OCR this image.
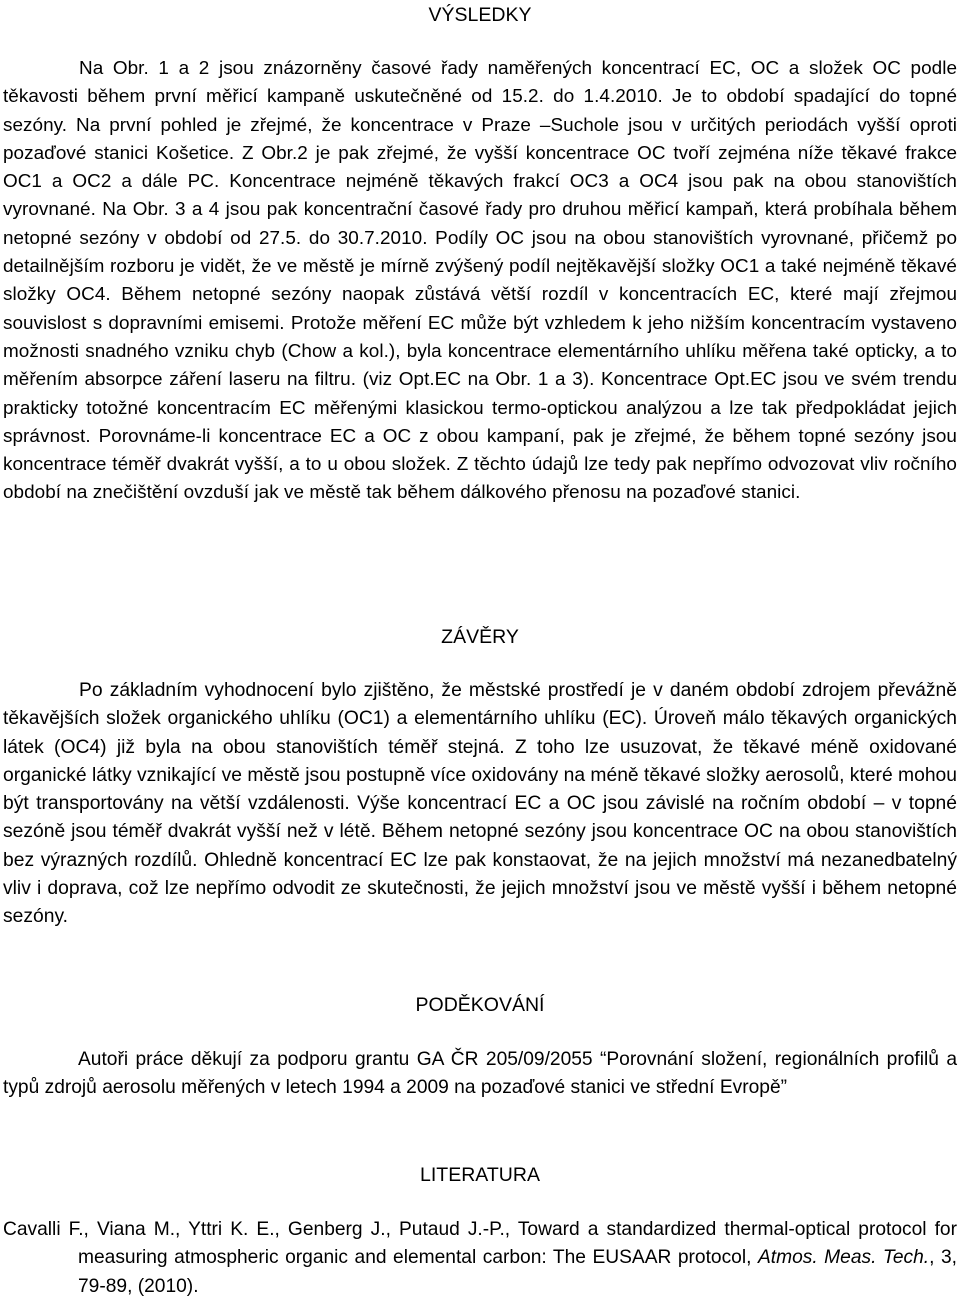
VÝSLEDKY

Na Obr. 1 a 2 jsou znázorněny časové řady naměřených koncentrací EC, OC a složek OC podle těkavosti během první měřicí kampaně uskutečněné od 15.2. do 1.4.2010. Je to období spadající do topné sezóny. Na první pohled je zřejmé, že koncentrace v Praze –Suchole jsou v určitých periodách vyšší oproti pozaďové stanici Košetice. Z Obr.2 je pak zřejmé, že vyšší koncentrace OC tvoří zejména níže těkavé frakce OC1 a OC2 a dále PC. Koncentrace nejméně těkavých frakcí OC3 a OC4 jsou pak na obou stanovištích vyrovnané. Na Obr. 3 a 4 jsou pak koncentrační časové řady pro druhou měřicí kampaň, která probíhala během netopné sezóny v období od 27.5. do 30.7.2010. Podíly OC jsou na obou stanovištích vyrovnané, přičemž po detailnějším rozboru je vidět, že ve městě je mírně zvýšený podíl nejtěkavější složky OC1 a také nejméně těkavé složky OC4. Během netopné sezóny naopak zůstává větší rozdíl v koncentracích EC, které mají zřejmou souvislost s dopravními emisemi. Protože měření EC může být vzhledem k jeho nižším koncentracím vystaveno možnosti snadného vzniku chyb (Chow a kol.), byla koncentrace elementárního uhlíku měřena také opticky, a to měřením absorpce záření laseru na filtru. (viz Opt.EC na Obr. 1 a 3). Koncentrace Opt.EC jsou ve svém trendu prakticky totožné koncentracím EC měřenými klasickou termo-optickou analýzou a lze tak předpokládat jejich správnost. Porovnáme-li koncentrace EC a OC z obou kampaní, pak je zřejmé, že během topné sezóny jsou koncentrace téměř dvakrát vyšší, a to u obou složek. Z těchto údajů lze tedy pak nepřímo odvozovat vliv ročního období na znečištění ovzduší jak ve městě tak během dálkového přenosu na pozaďové stanici.

ZÁVĚRY

Po základním vyhodnocení bylo zjištěno, že městské prostředí je v daném období zdrojem převážně těkavějších složek organického uhlíku (OC1) a elementárního uhlíku (EC). Úroveň málo těkavých organických látek (OC4) již byla na obou stanovištích téměř stejná. Z toho lze usuzovat, že těkavé méně oxidované organické látky vznikající ve městě jsou postupně více oxidovány na méně těkavé složky aerosolů, které mohou být transportovány na větší vzdálenosti. Výše koncentrací EC a OC jsou závislé na ročním období – v topné sezóně jsou téměř dvakrát vyšší než v létě. Během netopné sezóny jsou koncentrace OC na obou stanovištích bez výrazných rozdílů. Ohledně koncentrací EC lze pak konstaovat, že na jejich množství má nezanedbatelný vliv i doprava, což lze nepřímo odvodit ze skutečnosti, že jejich množství jsou ve městě vyšší i během netopné sezóny.

PODĚKOVÁNÍ

Autoři práce děkují za podporu grantu GA ČR 205/09/2055 “Porovnání složení, regionálních profilů a typů zdrojů aerosolu měřených v letech 1994 a 2009 na pozaďové stanici ve střední Evropě”

LITERATURA

Cavalli F., Viana M., Yttri K. E., Genberg J., Putaud J.-P., Toward a standardized thermal-optical protocol for measuring atmospheric organic and elemental carbon: The EUSAAR protocol, Atmos. Meas. Tech., 3, 79-89, (2010).
